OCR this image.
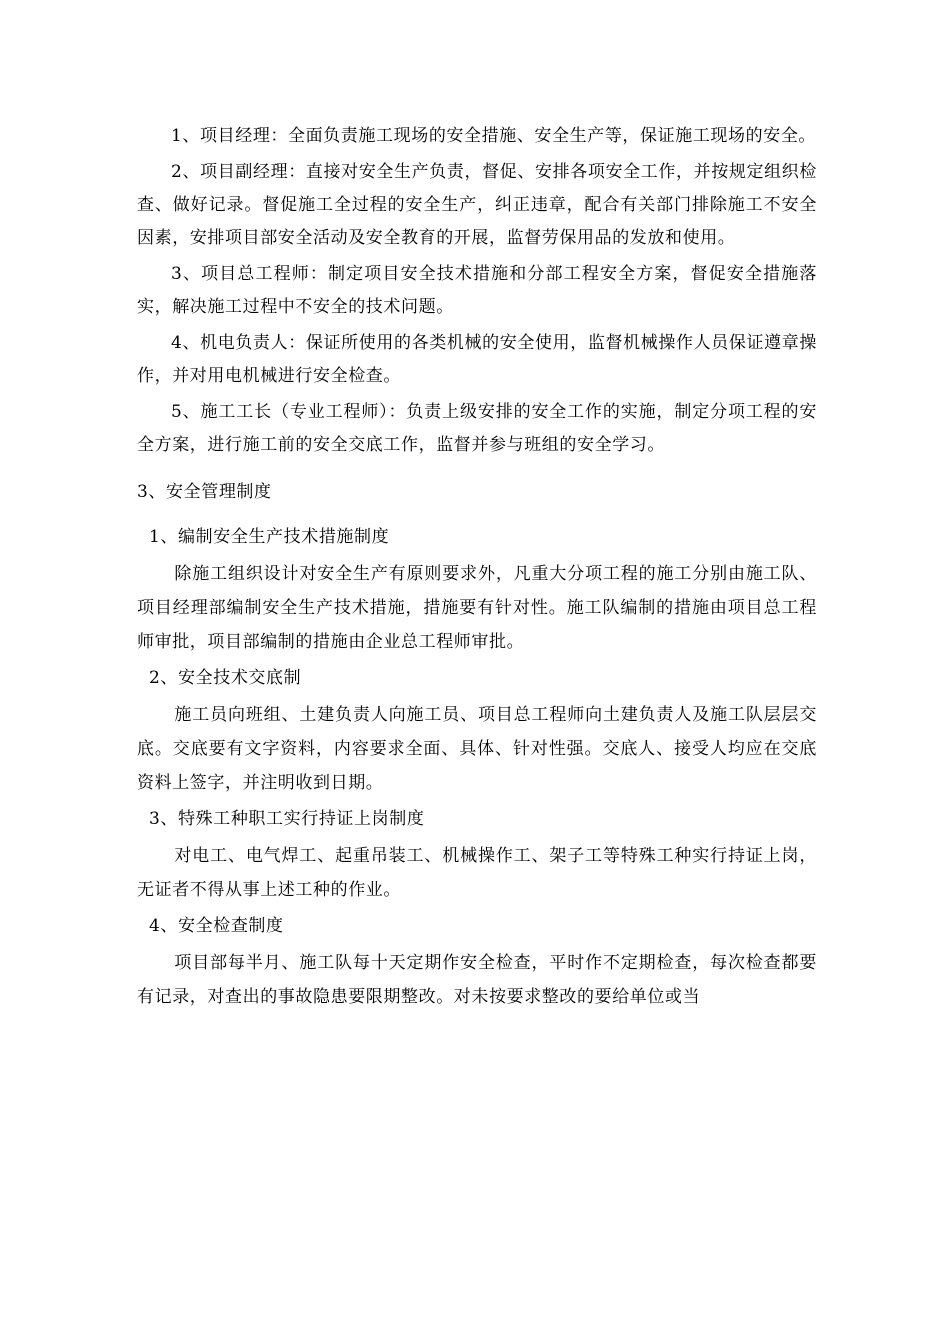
1、项目经理：全面负责施工现场的安全措施、安全生产等，保证施工现场的安全。

2、项目副经理：直接对安全生产负责，督促、安排各项安全工作，并按规定组织检查、做好记录。督促施工全过程的安全生产，纠正违章，配合有关部门排除施工不安全因素，安排项目部安全活动及安全教育的开展，监督劳保用品的发放和使用。

3、项目总工程师：制定项目安全技术措施和分部工程安全方案，督促安全措施落实，解决施工过程中不安全的技术问题。

4、机电负责人：保证所使用的各类机械的安全使用，监督机械操作人员保证遵章操作，并对用电机械进行安全检查。

5、施工工长（专业工程师）：负责上级安排的安全工作的实施，制定分项工程的安全方案，进行施工前的安全交底工作，监督并参与班组的安全学习。

3、安全管理制度
1、编制安全生产技术措施制度

除施工组织设计对安全生产有原则要求外，凡重大分项工程的施工分别由施工队、项目经理部编制安全生产技术措施，措施要有针对性。施工队编制的措施由项目总工程师审批，项目部编制的措施由企业总工程师审批。

2、安全技术交底制

施工员向班组、土建负责人向施工员、项目总工程师向土建负责人及施工队层层交底。交底要有文字资料，内容要求全面、具体、针对性强。交底人、接受人均应在交底资料上签字，并注明收到日期。

3、特殊工种职工实行持证上岗制度

对电工、电气焊工、起重吊装工、机械操作工、架子工等特殊工种实行持证上岗，无证者不得从事上述工种的作业。

4、安全检查制度

项目部每半月、施工队每十天定期作安全检查，平时作不定期检查，每次检查都要有记录，对查出的事故隐患要限期整改。对未按要求整改的要给单位或当
